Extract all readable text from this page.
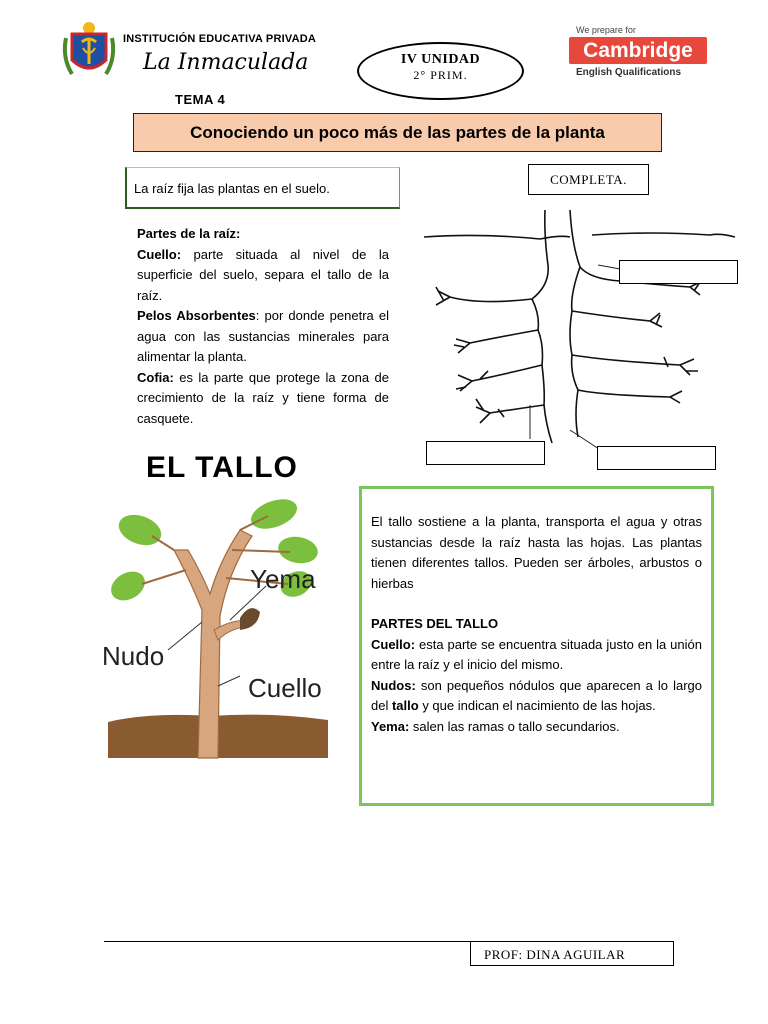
INSTITUCIÓN EDUCATIVA PRIVADA
La Inmaculada	IV UNIDAD
2° PRIM.
We prepare for
Cambridge
English Qualifications
TEMA 4
Conociendo un poco más de las partes de la planta
La raíz fija las plantas en el suelo.
COMPLETA.

Partes de la raíz:

Cuello: parte situada al nivel de la superficie del suelo, separa el tallo de la raíz.

Pelos Absorbentes: por donde penetra el agua con las sustancias minerales para alimentar la planta.

Cofia: es la parte que protege la zona de crecimiento de la raíz y tiene forma de casquete.

EL TALLO
Yema
Nudo
Cuello

El tallo sostiene a la planta, transporta el agua y otras sustancias desde la raíz hasta las hojas. Las plantas tienen diferentes tallos. Pueden ser árboles, arbustos o hierbas

PARTES DEL TALLO

Cuello: esta parte se encuentra situada justo en la unión entre la raíz y el inicio del mismo.

Nudos: son pequeños nódulos que aparecen a lo largo del tallo y que indican el nacimiento de las hojas.

Yema: salen las ramas o tallo secundarios.

PROF: DINA AGUILAR
